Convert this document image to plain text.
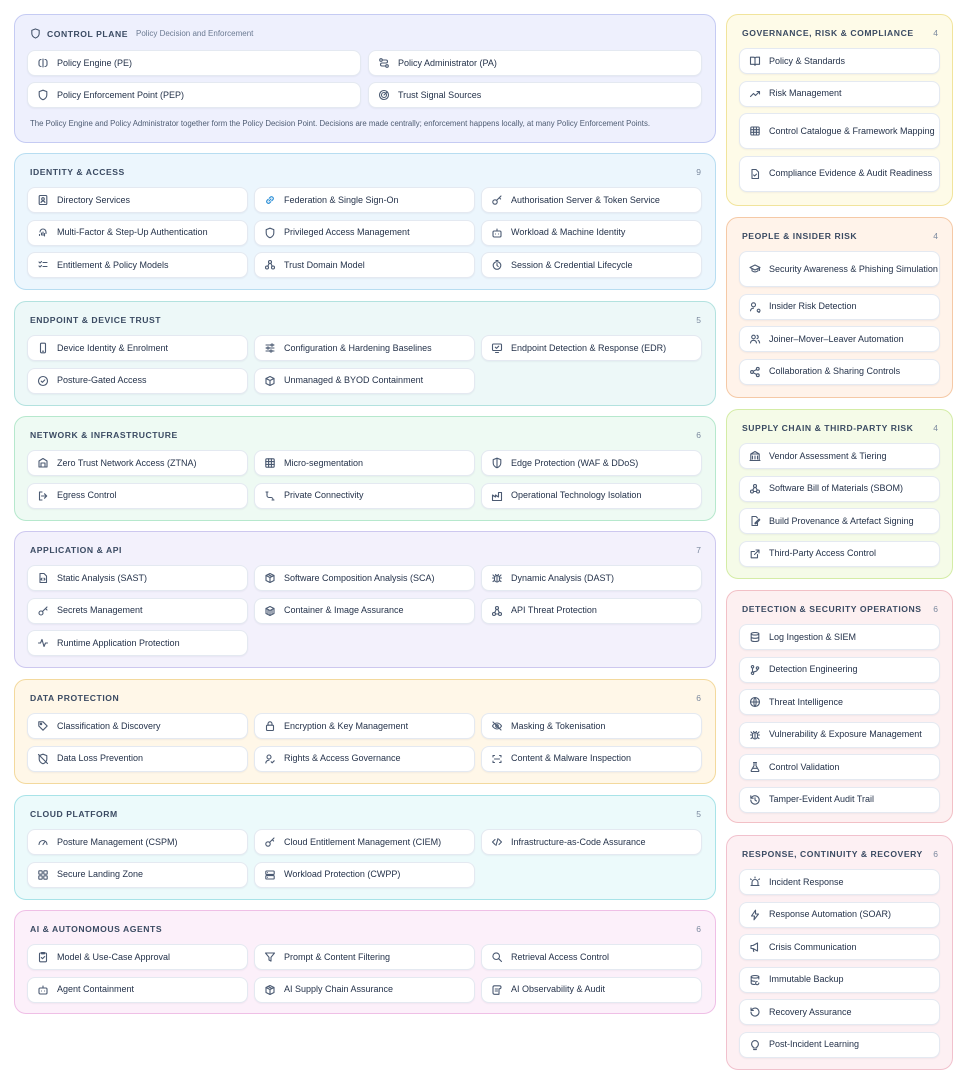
CONTROL PLANE Policy Decision and Enforcement
Policy Engine (PE)	Policy Administrator (PA)
Policy Enforcement Point (PEP)	Trust Signal Sources
The Policy Engine and Policy Administrator together form the Policy Decision Point. Decisions are made centrally; enforcement happens locally, at many Policy Enforcement Points.
IDENTITY & ACCESS	9
Directory Services	Federation & Single Sign-On	Authorisation Server & Token Service
Multi-Factor & Step-Up Authentication	Privileged Access Management	Workload & Machine Identity
Entitlement & Policy Models	Trust Domain Model	Session & Credential Lifecycle
ENDPOINT & DEVICE TRUST	5
Device Identity & Enrolment	Configuration & Hardening Baselines	Endpoint Detection & Response (EDR)
Posture-Gated Access	Unmanaged & BYOD Containment
NETWORK & INFRASTRUCTURE	6
Zero Trust Network Access (ZTNA)	Micro-segmentation	Edge Protection (WAF & DDoS)
Egress Control	Private Connectivity	Operational Technology Isolation
APPLICATION & API	7
Static Analysis (SAST)	Software Composition Analysis (SCA)	Dynamic Analysis (DAST)
Secrets Management	Container & Image Assurance	API Threat Protection
Runtime Application Protection
DATA PROTECTION	6
Classification & Discovery	Encryption & Key Management	Masking & Tokenisation
Data Loss Prevention	Rights & Access Governance	Content & Malware Inspection
CLOUD PLATFORM	5
Posture Management (CSPM)	Cloud Entitlement Management (CIEM)	Infrastructure-as-Code Assurance
Secure Landing Zone	Workload Protection (CWPP)
AI & AUTONOMOUS AGENTS	6
Model & Use-Case Approval	Prompt & Content Filtering	Retrieval Access Control
Agent Containment	AI Supply Chain Assurance	AI Observability & Audit
GOVERNANCE, RISK & COMPLIANCE 4
Policy & Standards
Risk Management
Control Catalogue & Framework Mapping
Compliance Evidence & Audit Readiness
PEOPLE & INSIDER RISK	4
Security Awareness & Phishing Simulation
Insider Risk Detection
Joiner–Mover–Leaver Automation
Collaboration & Sharing Controls
SUPPLY CHAIN & THIRD-PARTY RISK 4
Vendor Assessment & Tiering
Software Bill of Materials (SBOM)
Build Provenance & Artefact Signing
Third-Party Access Control
DETECTION & SECURITY OPERATIONS 6
Log Ingestion & SIEM
Detection Engineering
Threat Intelligence
Vulnerability & Exposure Management
Control Validation
Tamper-Evident Audit Trail
RESPONSE, CONTINUITY & RECOVERY 6
Incident Response
Response Automation (SOAR)
Crisis Communication
Immutable Backup
Recovery Assurance
Post-Incident Learning
